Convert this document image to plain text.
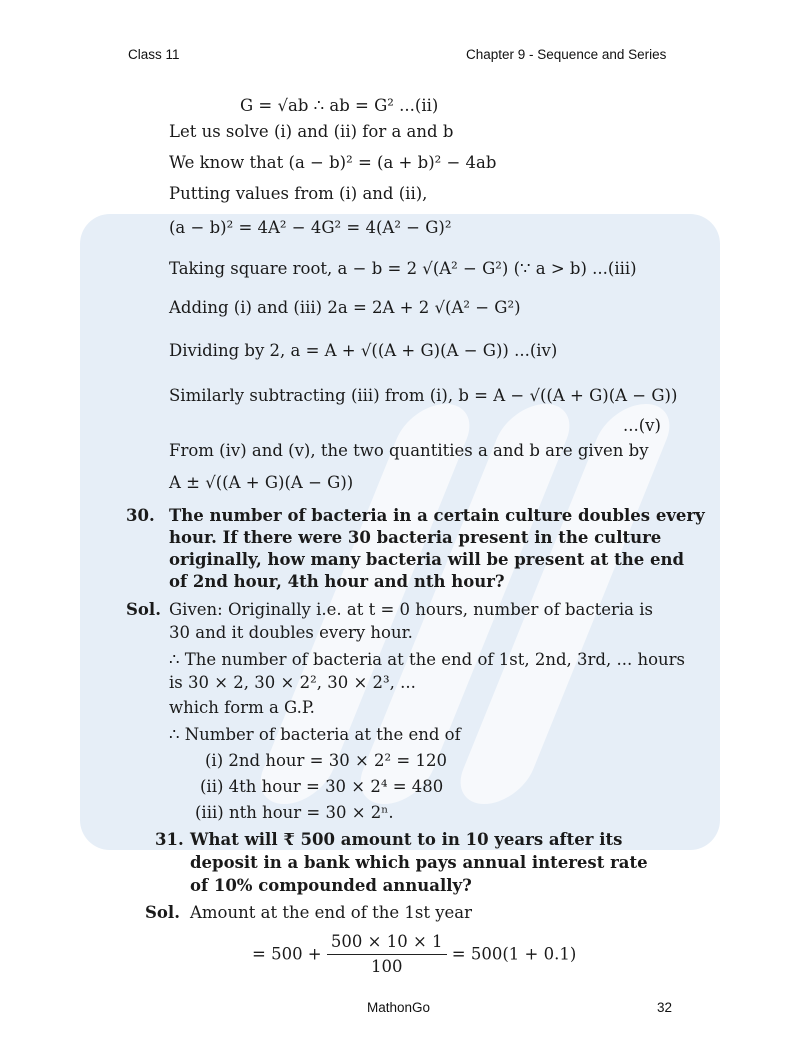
Class 11	Chapter 9 - Sequence and Series
G = √ab ∴ ab = G² ...(ii)
Let us solve (i) and (ii) for a and b
We know that (a − b)² = (a + b)² − 4ab
Putting values from (i) and (ii),
(a − b)² = 4A² − 4G² = 4(A² − G)²
Taking square root, a − b = 2 √(A² − G²) (∵ a > b) ...(iii)
Adding (i) and (iii) 2a = 2A + 2 √(A² − G²)
Dividing by 2, a = A + √((A + G)(A − G)) ...(iv)
Similarly subtracting (iii) from (i), b = A − √((A + G)(A − G))
...(v)
From (iv) and (v), the two quantities a and b are given by
A ± √((A + G)(A − G))
30. The number of bacteria in a certain culture doubles every
hour. If there were 30 bacteria present in the culture
originally, how many bacteria will be present at the end
of 2nd hour, 4th hour and nth hour?
Sol. Given: Originally i.e. at t = 0 hours, number of bacteria is
30 and it doubles every hour.
∴ The number of bacteria at the end of 1st, 2nd, 3rd, ... hours
is 30 × 2, 30 × 2², 30 × 2³, ...
which form a G.P.
∴ Number of bacteria at the end of
(i) 2nd hour = 30 × 2² = 120
(ii) 4th hour = 30 × 2⁴ = 480
(iii) nth hour = 30 × 2ⁿ.
31. What will ₹ 500 amount to in 10 years after its
deposit in a bank which pays annual interest rate
of 10% compounded annually?
Sol. Amount at the end of the 1st year
= $500 + \frac{500 \times 10 \times 1}{100} = 500(1 + 0.1)$
MathonGo	32
